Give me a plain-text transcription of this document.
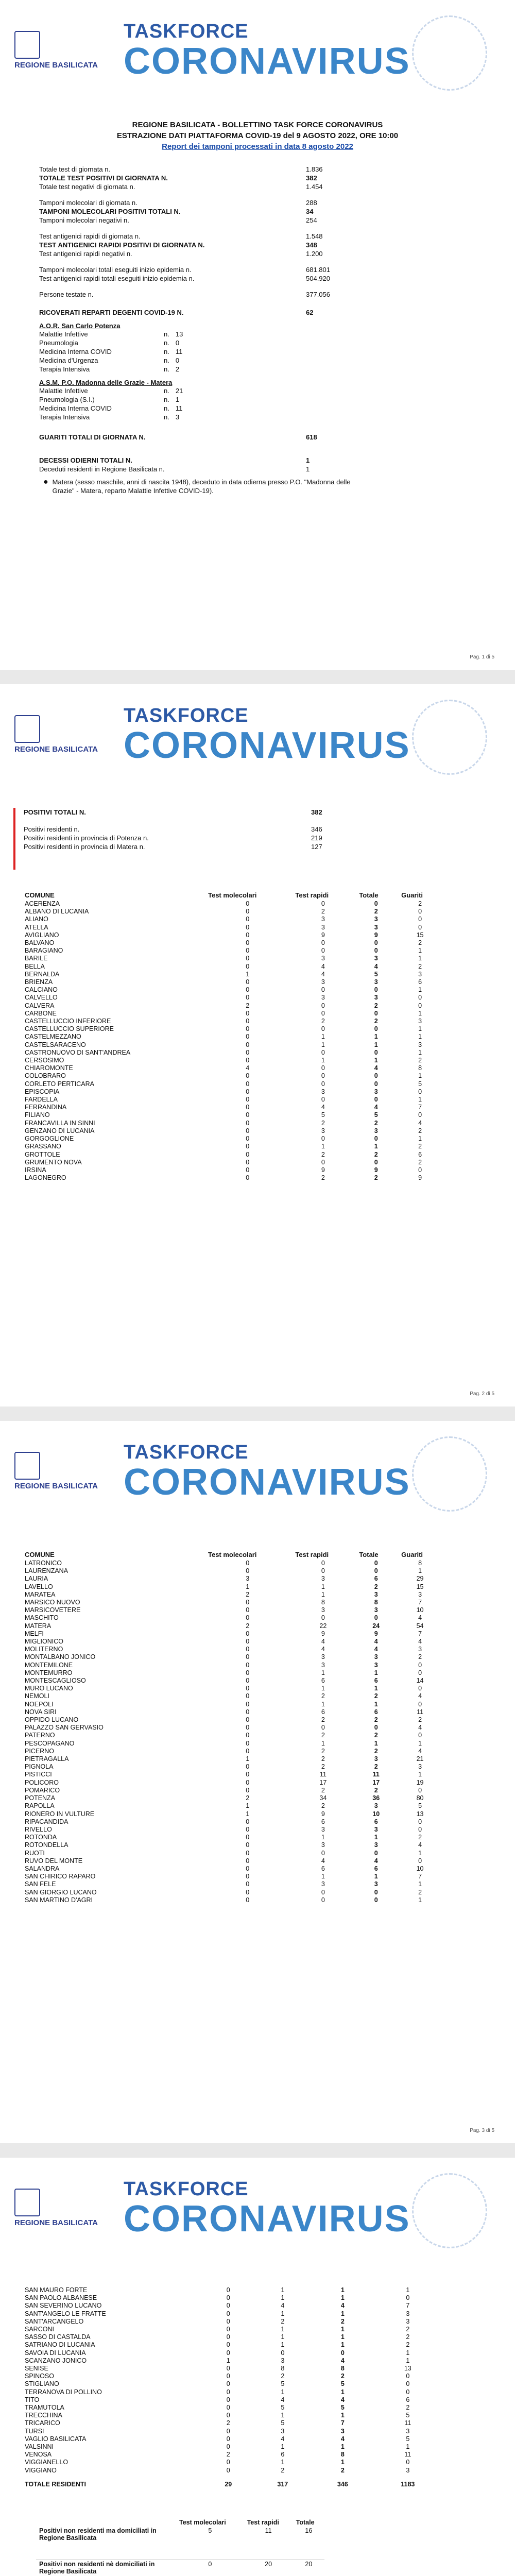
REGIONE BASILICATA
TASKFORCE
CORONAVIRUS
REGIONE BASILICATA - BOLLETTINO TASK FORCE CORONAVIRUS
ESTRAZIONE DATI PIATTAFORMA COVID-19 del 9 AGOSTO 2022, ORE 10:00
Report dei tamponi processati in data 8 agosto 2022
Totale test di giornata n.	1.836
TOTALE TEST POSITIVI DI GIORNATA N.	382
Totale test negativi di giornata n.	1.454
Tamponi molecolari di giornata n.	288
TAMPONI MOLECOLARI POSITIVI TOTALI N.	34
Tamponi molecolari negativi n.	254
Test antigenici rapidi di giornata n.	1.548
TEST ANTIGENICI RAPIDI POSITIVI DI GIORNATA N.	348
Test antigenici rapidi negativi n.	1.200
Tamponi molecolari totali eseguiti inizio epidemia n.	681.801
Test antigenici rapidi totali eseguiti inizio epidemia n.	504.920
Persone testate n.	377.056
RICOVERATI REPARTI DEGENTI COVID-19 N.	62
A.O.R. San Carlo Potenza
Malattie Infettive	n.	13
Pneumologia	n.	0
Medicina Interna COVID	n.	11
Medicina d'Urgenza	n.	0
Terapia Intensiva	n.	2
A.S.M. P.O. Madonna delle Grazie - Matera
Malattie Infettive	n.	21
Pneumologia (S.I.)	n.	1
Medicina Interna COVID	n.	11
Terapia Intensiva	n.	3
GUARITI TOTALI DI GIORNATA N.	618
DECESSI ODIERNI TOTALI N.	1
Deceduti residenti in Regione Basilicata n.	1
● Matera (sesso maschile, anni di nascita 1948), deceduto in data odierna presso P.O. "Madonna delle Grazie" - Matera, reparto Malattie Infettive COVID-19).
Pag. 1 di 5
REGIONE BASILICATA
TASKFORCE
CORONAVIRUS
POSITIVI TOTALI N.	382

Positivi residenti n.	346
Positivi residenti in provincia di Potenza n.	219
Positivi residenti in provincia di Matera n.	127
COMUNE	Test molecolari	Test rapidi	Totale	Guariti
ACERENZA	0	0	0	2
ALBANO DI LUCANIA	0	2	2	0
ALIANO	0	3	3	0
ATELLA	0	3	3	0
AVIGLIANO	0	9	9	15
BALVANO	0	0	0	2
BARAGIANO	0	0	0	1
BARILE	0	3	3	1
BELLA	0	4	4	2
BERNALDA	1	4	5	3
BRIENZA	0	3	3	6
CALCIANO	0	0	0	1
CALVELLO	0	3	3	0
CALVERA	2	0	2	0
CARBONE	0	0	0	1
CASTELLUCCIO INFERIORE	0	2	2	3
CASTELLUCCIO SUPERIORE	0	0	0	1
CASTELMEZZANO	0	1	1	1
CASTELSARACENO	0	1	1	3
CASTRONUOVO DI SANT'ANDREA	0	0	0	1
CERSOSIMO	0	1	1	2
CHIAROMONTE	4	0	4	8
COLOBRARO	0	0	0	1
CORLETO PERTICARA	0	0	0	5
EPISCOPIA	0	3	3	0
FARDELLA	0	0	0	1
FERRANDINA	0	4	4	7
FILIANO	0	5	5	0
FRANCAVILLA IN SINNI	0	2	2	4
GENZANO DI LUCANIA	0	3	3	2
GORGOGLIONE	0	0	0	1
GRASSANO	0	1	1	2
GROTTOLE	0	2	2	6
GRUMENTO NOVA	0	0	0	2
IRSINA	0	9	9	0
LAGONEGRO	0	2	2	9
Pag. 2 di 5
REGIONE BASILICATA
TASKFORCE
CORONAVIRUS
COMUNE	Test molecolari	Test rapidi	Totale	Guariti
LATRONICO	0	0	0	8
LAURENZANA	0	0	0	1
LAURIA	3	3	6	29
LAVELLO	1	1	2	15
MARATEA	2	1	3	3
MARSICO NUOVO	0	8	8	7
MARSICOVETERE	0	3	3	10
MASCHITO	0	0	0	4
MATERA	2	22	24	54
MELFI	0	9	9	7
MIGLIONICO	0	4	4	4
MOLITERNO	0	4	4	3
MONTALBANO JONICO	0	3	3	2
MONTEMILONE	0	3	3	0
MONTEMURRO	0	1	1	0
MONTESCAGLIOSO	0	6	6	14
MURO LUCANO	0	1	1	0
NEMOLI	0	2	2	4
NOEPOLI	0	1	1	0
NOVA SIRI	0	6	6	11
OPPIDO LUCANO	0	2	2	2
PALAZZO SAN GERVASIO	0	0	0	4
PATERNO	0	2	2	0
PESCOPAGANO	0	1	1	1
PICERNO	0	2	2	4
PIETRAGALLA	1	2	3	21
PIGNOLA	0	2	2	3
PISTICCI	0	11	11	1
POLICORO	0	17	17	19
POMARICO	0	2	2	0
POTENZA	2	34	36	80
RAPOLLA	1	2	3	5
RIONERO IN VULTURE	1	9	10	13
RIPACANDIDA	0	6	6	0
RIVELLO	0	3	3	0
ROTONDA	0	1	1	2
ROTONDELLA	0	3	3	4
RUOTI	0	0	0	1
RUVO DEL MONTE	0	4	4	0
SALANDRA	0	6	6	10
SAN CHIRICO RAPARO	0	1	1	7
SAN FELE	0	3	3	1
SAN GIORGIO LUCANO	0	0	0	2
SAN MARTINO D'AGRI	0	0	0	1
Pag. 3 di 5
REGIONE BASILICATA
TASKFORCE
CORONAVIRUS
SAN MAURO FORTE	0	1	1	1
SAN PAOLO ALBANESE	0	1	1	0
SAN SEVERINO LUCANO	0	4	4	7
SANT'ANGELO LE FRATTE	0	1	1	3
SANT'ARCANGELO	0	2	2	3
SARCONI	0	1	1	2
SASSO DI CASTALDA	0	1	1	2
SATRIANO DI LUCANIA	0	1	1	2
SAVOIA DI LUCANIA	0	0	0	1
SCANZANO JONICO	1	3	4	1
SENISE	0	8	8	13
SPINOSO	0	2	2	0
STIGLIANO	0	5	5	0
TERRANOVA DI POLLINO	0	1	1	0
TITO	0	4	4	6
TRAMUTOLA	0	5	5	2
TRECCHINA	0	1	1	5
TRICARICO	2	5	7	11
TURSI	0	3	3	3
VAGLIO BASILICATA	0	4	4	5
VALSINNI	0	1	1	1
VENOSA	2	6	8	11
VIGGIANELLO	0	1	1	0
VIGGIANO	0	2	2	3

TOTALE RESIDENTI	29	317	346	1183
	Test molecolari	Test rapidi	Totale
Positivi non residenti ma domiciliati in Regione Basilicata	5	11	16
Positivi non residenti nè domiciliati in Regione Basilicata	0	20	20
